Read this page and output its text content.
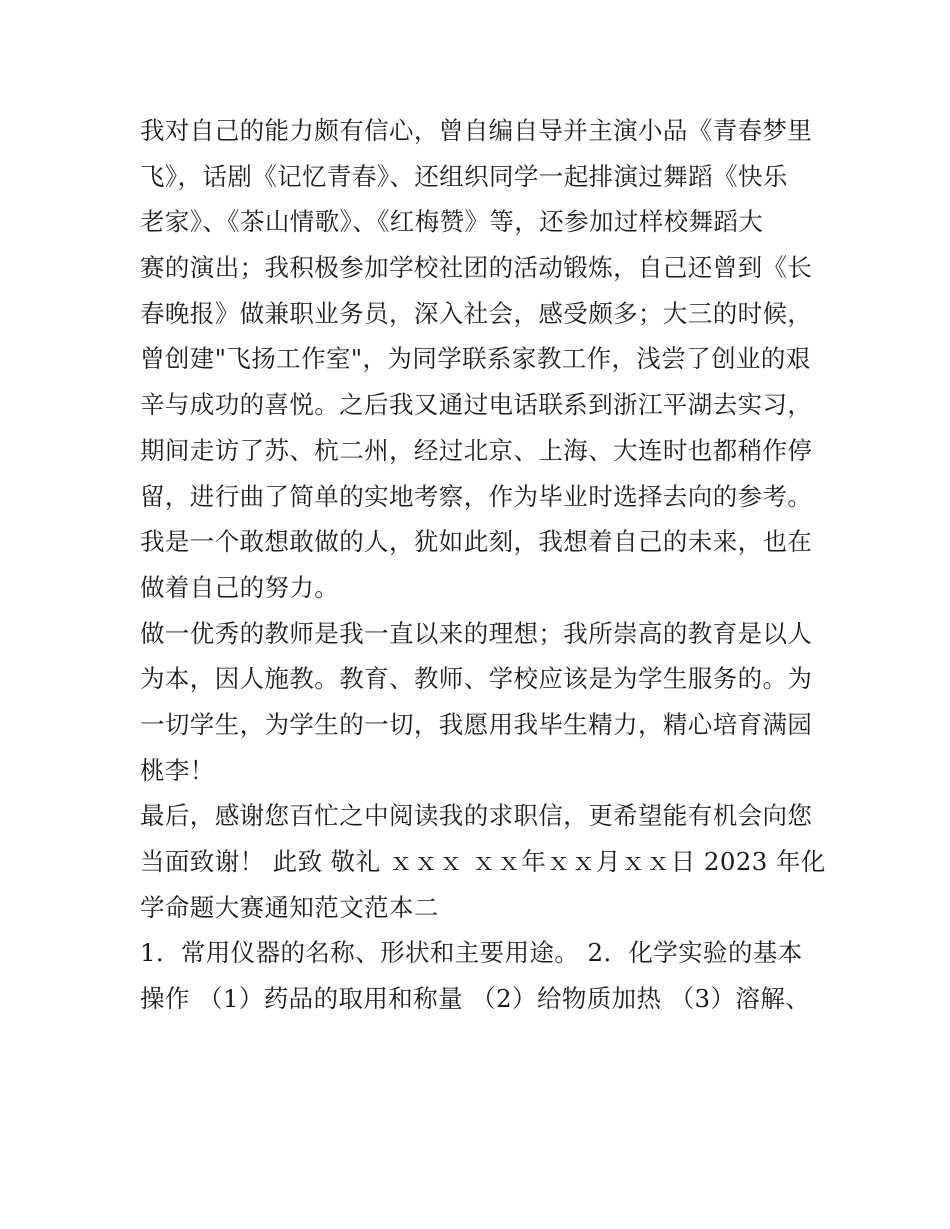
我对自己的能力颇有信心，曾自编自导并主演小品《青春梦里
飞》，话剧《记忆青春》、还组织同学一起排演过舞蹈《快乐
老家》、《茶山情歌》、《红梅赞》等，还参加过样校舞蹈大
赛的演出；我积极参加学校社团的活动锻炼，自己还曾到《长
春晚报》做兼职业务员，深入社会，感受颇多；大三的时候，
曾创建"飞扬工作室"，为同学联系家教工作，浅尝了创业的艰
辛与成功的喜悦。之后我又通过电话联系到浙江平湖去实习，
期间走访了苏、杭二州，经过北京、上海、大连时也都稍作停
留，进行曲了简单的实地考察，作为毕业时选择去向的参考。
我是一个敢想敢做的人，犹如此刻，我想着自己的未来，也在
做着自己的努力。
做一优秀的教师是我一直以来的理想；我所崇高的教育是以人
为本，因人施教。教育、教师、学校应该是为学生服务的。为
一切学生，为学生的一切，我愿用我毕生精力，精心培育满园
桃李！
最后，感谢您百忙之中阅读我的求职信，更希望能有机会向您
当面致谢！ 此致 敬礼 ｘｘｘ ｘｘ年ｘｘ月ｘｘ日 2023 年化
学命题大赛通知范文范本二
1．常用仪器的名称、形状和主要用途。 2．化学实验的基本
操作 （1）药品的取用和称量 （2）给物质加热 （3）溶解、
